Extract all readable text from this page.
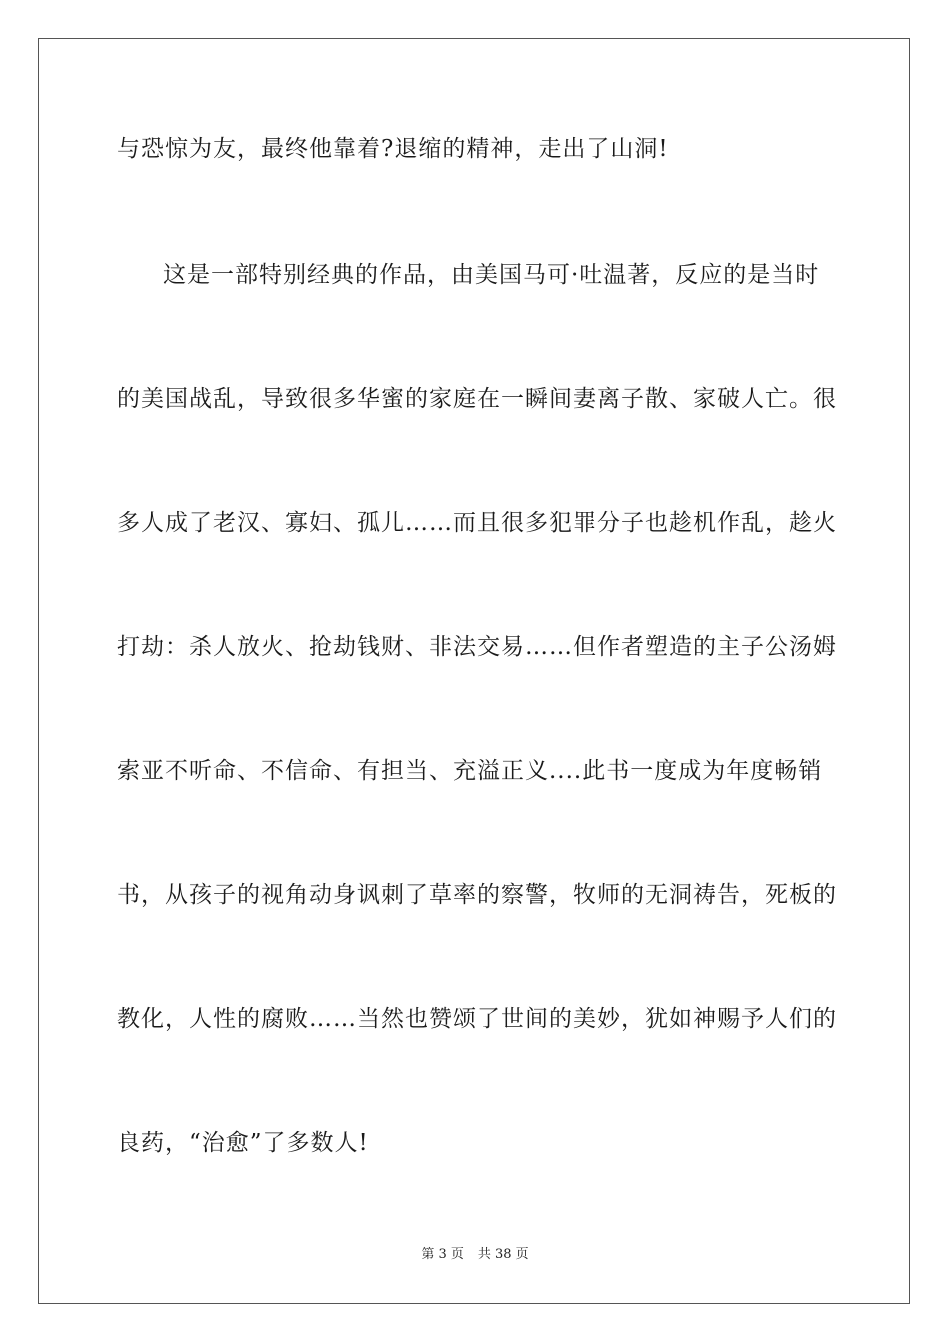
与恐惊为友，最终他靠着?退缩的精神，走出了山洞!
这是一部特别经典的作品，由美国马可·吐温著，反应的是当时
的美国战乱，导致很多华蜜的家庭在一瞬间妻离子散、家破人亡。很
多人成了老汉、寡妇、孤儿……而且很多犯罪分子也趁机作乱，趁火
打劫：杀人放火、抢劫钱财、非法交易……但作者塑造的主子公汤姆
索亚不听命、不信命、有担当、充溢正义....此书一度成为年度畅销
书，从孩子的视角动身讽刺了草率的察警，牧师的无洞祷告，死板的
教化，人性的腐败……当然也赞颂了世间的美妙，犹如神赐予人们的
良药，“治愈”了多数人!
第 3 页 共 38 页
